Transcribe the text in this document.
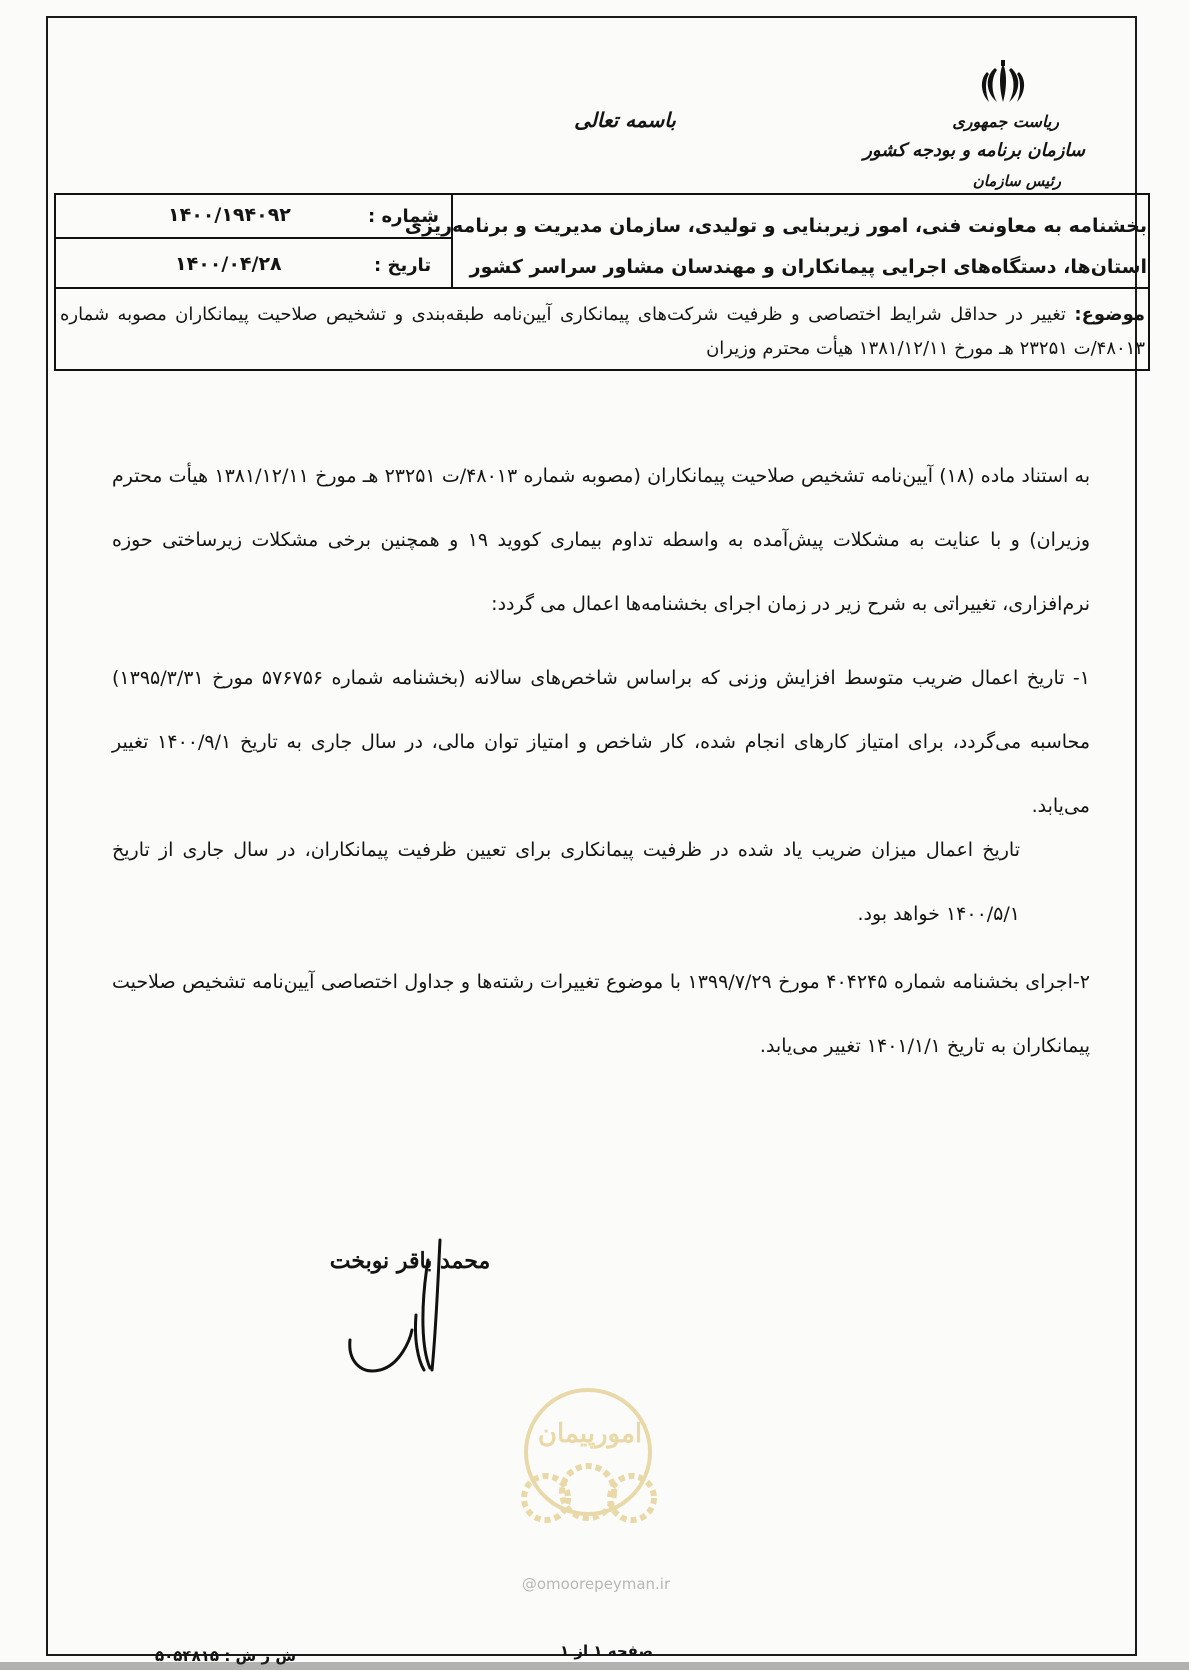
ریاست جمهوری
سازمان برنامه و بودجه کشور
رئیس سازمان
باسمه تعالی
شماره :
۱۴۰۰/۱۹۴۰۹۲
تاریخ :
۱۴۰۰/۰۴/۲۸
بخشنامه به معاونت فنی، امور زیربنایی و تولیدی، سازمان مدیریت و برنامه‌ریزی
استان‌ها، دستگاه‌های اجرایی پیمانکاران و مهندسان مشاور سراسر کشور
موضوع: تغییر در حداقل شرایط اختصاصی و ظرفیت شرکت‌های پیمانکاری آیین‌نامه طبقه‌بندی و تشخیص صلاحیت پیمانکاران مصوبه شماره ۴۸۰۱۳/ت ۲۳۲۵۱ هـ مورخ ۱۳۸۱/۱۲/۱۱ هیأت محترم وزیران
به استناد ماده (۱۸) آیین‌نامه تشخیص صلاحیت پیمانکاران (مصوبه شماره ۴۸۰۱۳/ت ۲۳۲۵۱ هـ مورخ ۱۳۸۱/۱۲/۱۱ هیأت محترم وزیران) و با عنایت به مشکلات پیش‌آمده به واسطه تداوم بیماری کووید ۱۹ و همچنین برخی مشکلات زیرساختی حوزه نرم‌افزاری، تغییراتی به شرح زیر در زمان اجرای بخشنامه‌ها اعمال می گردد:
۱- تاریخ اعمال ضریب متوسط افزایش وزنی که براساس شاخص‌های سالانه (بخشنامه شماره ۵۷۶۷۵۶ مورخ ۱۳۹۵/۳/۳۱) محاسبه می‌گردد، برای امتیاز کارهای انجام شده، کار شاخص و امتیاز توان مالی، در سال جاری به تاریخ ۱۴۰۰/۹/۱ تغییر می‌یابد.
تاریخ اعمال میزان ضریب یاد شده در ظرفیت پیمانکاری برای تعیین ظرفیت پیمانکاران، در سال جاری از تاریخ ۱۴۰۰/۵/۱ خواهد بود.
۲-اجرای بخشنامه شماره ۴۰۴۲۴۵ مورخ ۱۳۹۹/۷/۲۹ با موضوع تغییرات رشته‌ها و جداول اختصاصی آیین‌نامه تشخیص صلاحیت پیمانکاران به تاریخ ۱۴۰۱/۱/۱ تغییر می‌یابد.
محمد باقر نوبخت
امورپیمان
@omoorepeyman.ir
صفحه ۱ از ۱
ش ر ش : ۵۰۵۴۸۱۵
